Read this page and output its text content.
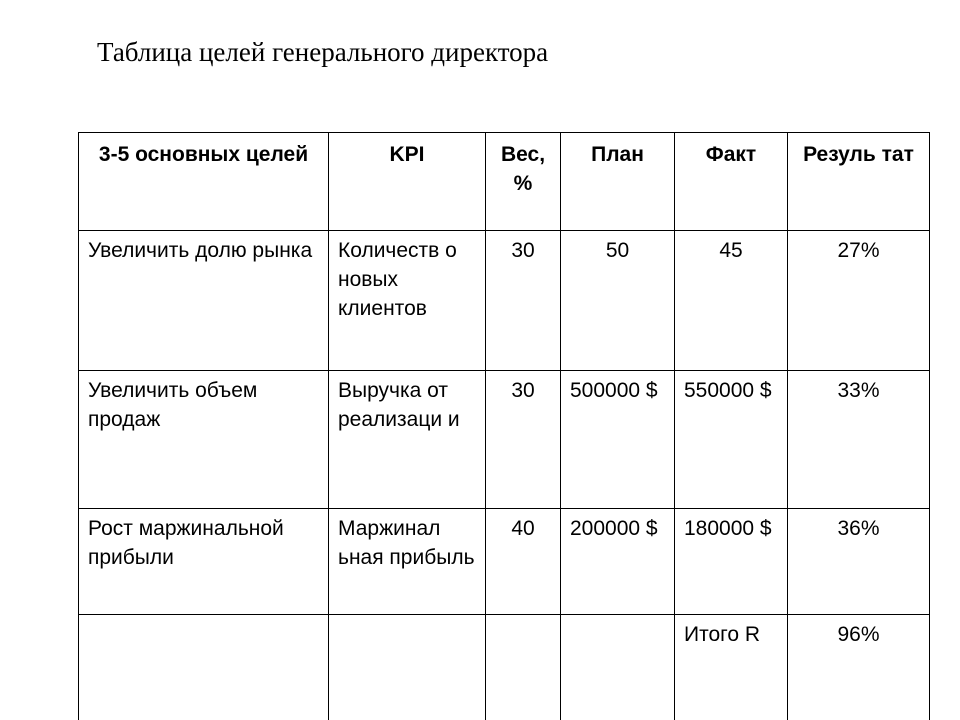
Таблица целей генерального директора
3-5 основных целей	KPI	Вес, %	План	Факт	Резуль тат
Увеличить долю рынка	Количеств о новых клиентов	30	50	45	27%
Увеличить объем продаж	Выручка от реализаци и	30	500000 $	550000 $	33%
Рост маржинальной прибыли	Маржинал ьная прибыль	40	200000 $	180000 $	36%
				Итого R	96%
